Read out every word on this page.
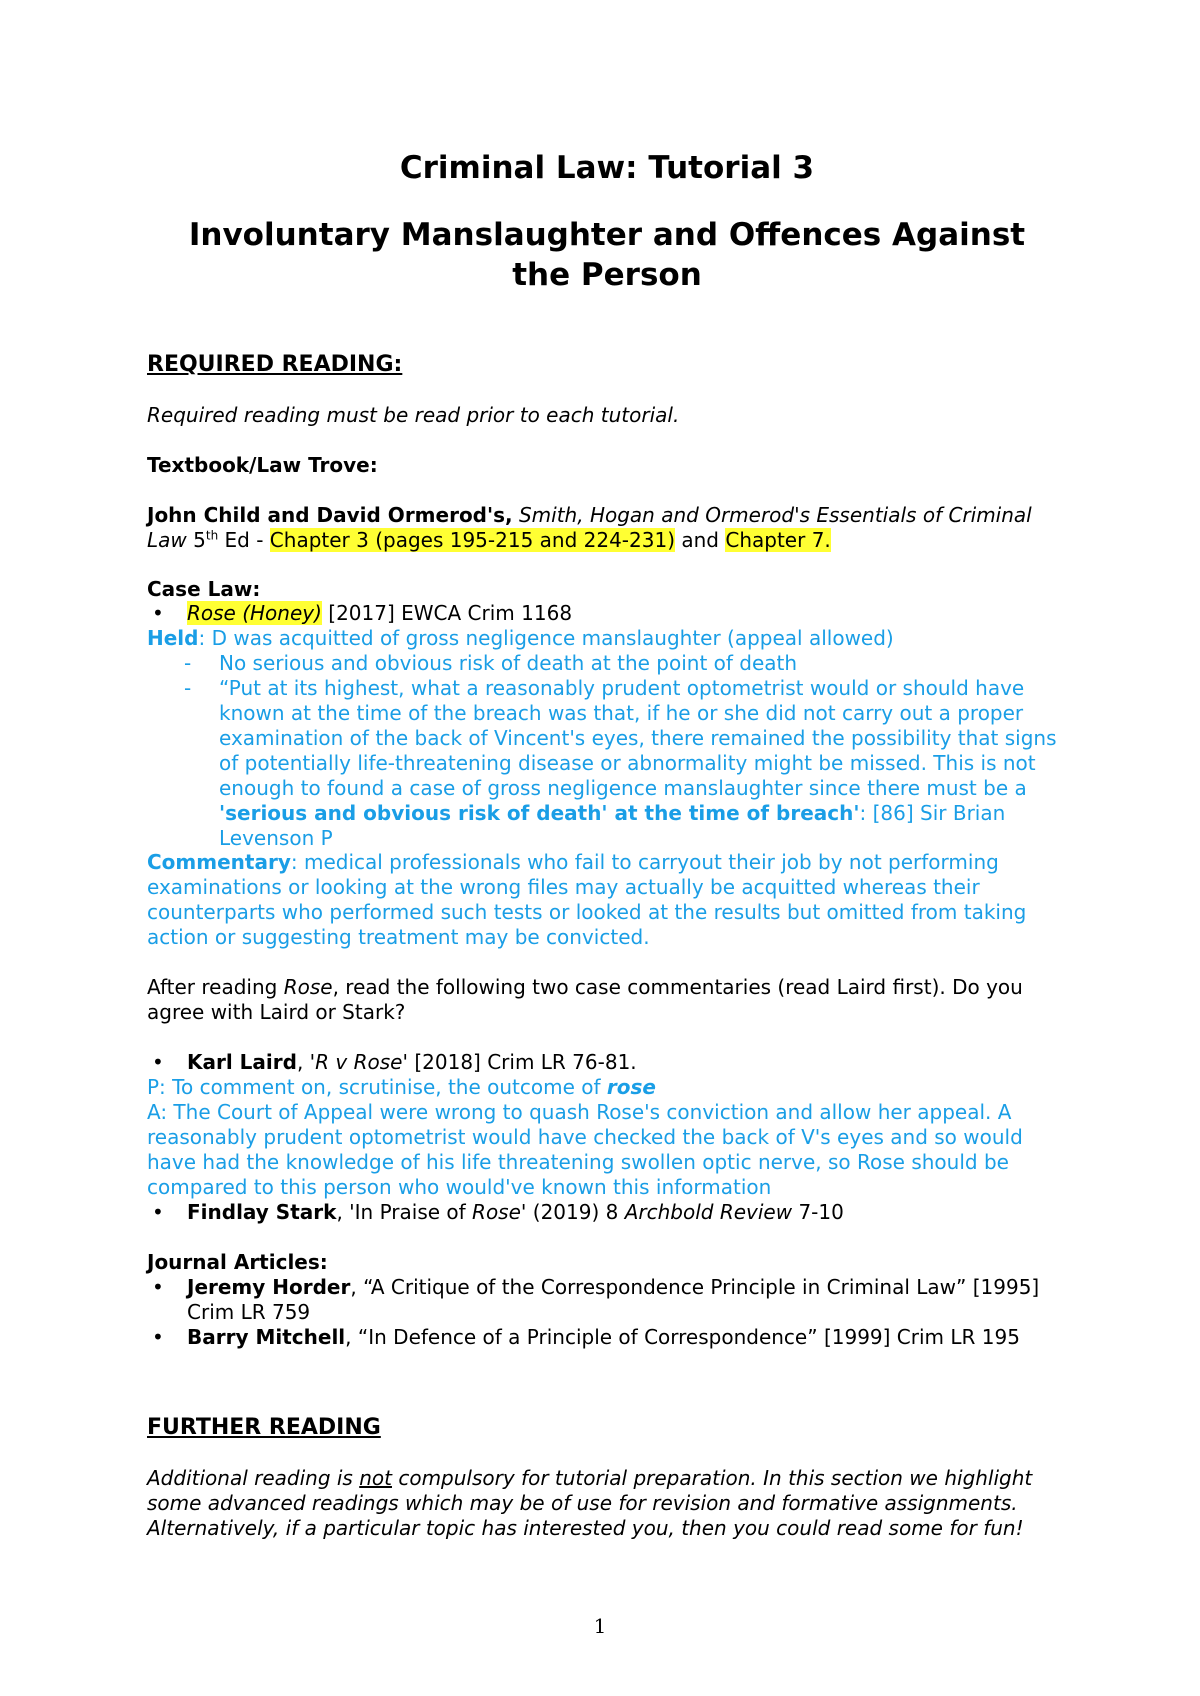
Criminal Law: Tutorial 3
Involuntary Manslaughter and Offences Against the Person
REQUIRED READING:
Required reading must be read prior to each tutorial.
Textbook/Law Trove:
John Child and David Ormerod's, Smith, Hogan and Ormerod's Essentials of Criminal Law 5th Ed - Chapter 3 (pages 195-215 and 224-231) and Chapter 7.
Case Law:
• Rose (Honey) [2017] EWCA Crim 1168
Held: D was acquitted of gross negligence manslaughter (appeal allowed)
- No serious and obvious risk of death at the point of death
- “Put at its highest, what a reasonably prudent optometrist would or should have known at the time of the breach was that, if he or she did not carry out a proper examination of the back of Vincent's eyes, there remained the possibility that signs of potentially life-threatening disease or abnormality might be missed. This is not enough to found a case of gross negligence manslaughter since there must be a 'serious and obvious risk of death' at the time of breach': [86] Sir Brian Levenson P
Commentary: medical professionals who fail to carryout their job by not performing examinations or looking at the wrong files may actually be acquitted whereas their counterparts who performed such tests or looked at the results but omitted from taking action or suggesting treatment may be convicted.
After reading Rose, read the following two case commentaries (read Laird first). Do you agree with Laird or Stark?
• Karl Laird, 'R v Rose' [2018] Crim LR 76-81.
P: To comment on, scrutinise, the outcome of rose
A: The Court of Appeal were wrong to quash Rose's conviction and allow her appeal. A reasonably prudent optometrist would have checked the back of V's eyes and so would have had the knowledge of his life threatening swollen optic nerve, so Rose should be compared to this person who would've known this information
• Findlay Stark, 'In Praise of Rose' (2019) 8 Archbold Review 7-10
Journal Articles:
• Jeremy Horder, “A Critique of the Correspondence Principle in Criminal Law” [1995] Crim LR 759
• Barry Mitchell, “In Defence of a Principle of Correspondence” [1999] Crim LR 195
FURTHER READING
Additional reading is not compulsory for tutorial preparation. In this section we highlight some advanced readings which may be of use for revision and formative assignments. Alternatively, if a particular topic has interested you, then you could read some for fun!
1
